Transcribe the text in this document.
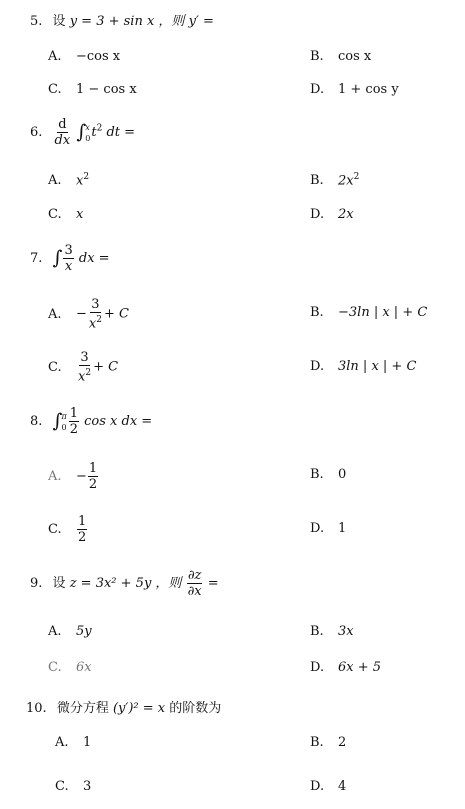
5. 设 y = 3 + sin x ，则 y′ =
A. −cos x	B. cos x
C. 1 − cos x	D. 1 + cos y
6. $\frac{d}{dx}$ ∫ x
0 $t^2$ dt =
A. $x^2$	B. $2x^2$
C. x	D. 2x
7. ∫ $\frac{3}{x}$ dx =
A. − $\frac{3}{x^2} + C$	B. −3ln | x | + C
C. $\frac{3}{x^2} + C$	D. 3ln | x | + C
8. ∫ π
$0 \frac{1}{2}$ cos x dx =
A. − $\frac{1}{2}$	B. 0
C. $\frac{1}{2}$	D. 1
9. 设 z = 3x² + 5y ，则 $\frac{\partial z}{\partial x}$ =
A. 5y	B. 3x
C. 6x	D. 6x + 5
10. 微分方程 (y′)² = x 的阶数为
A. 1	B. 2
C. 3	D. 4
